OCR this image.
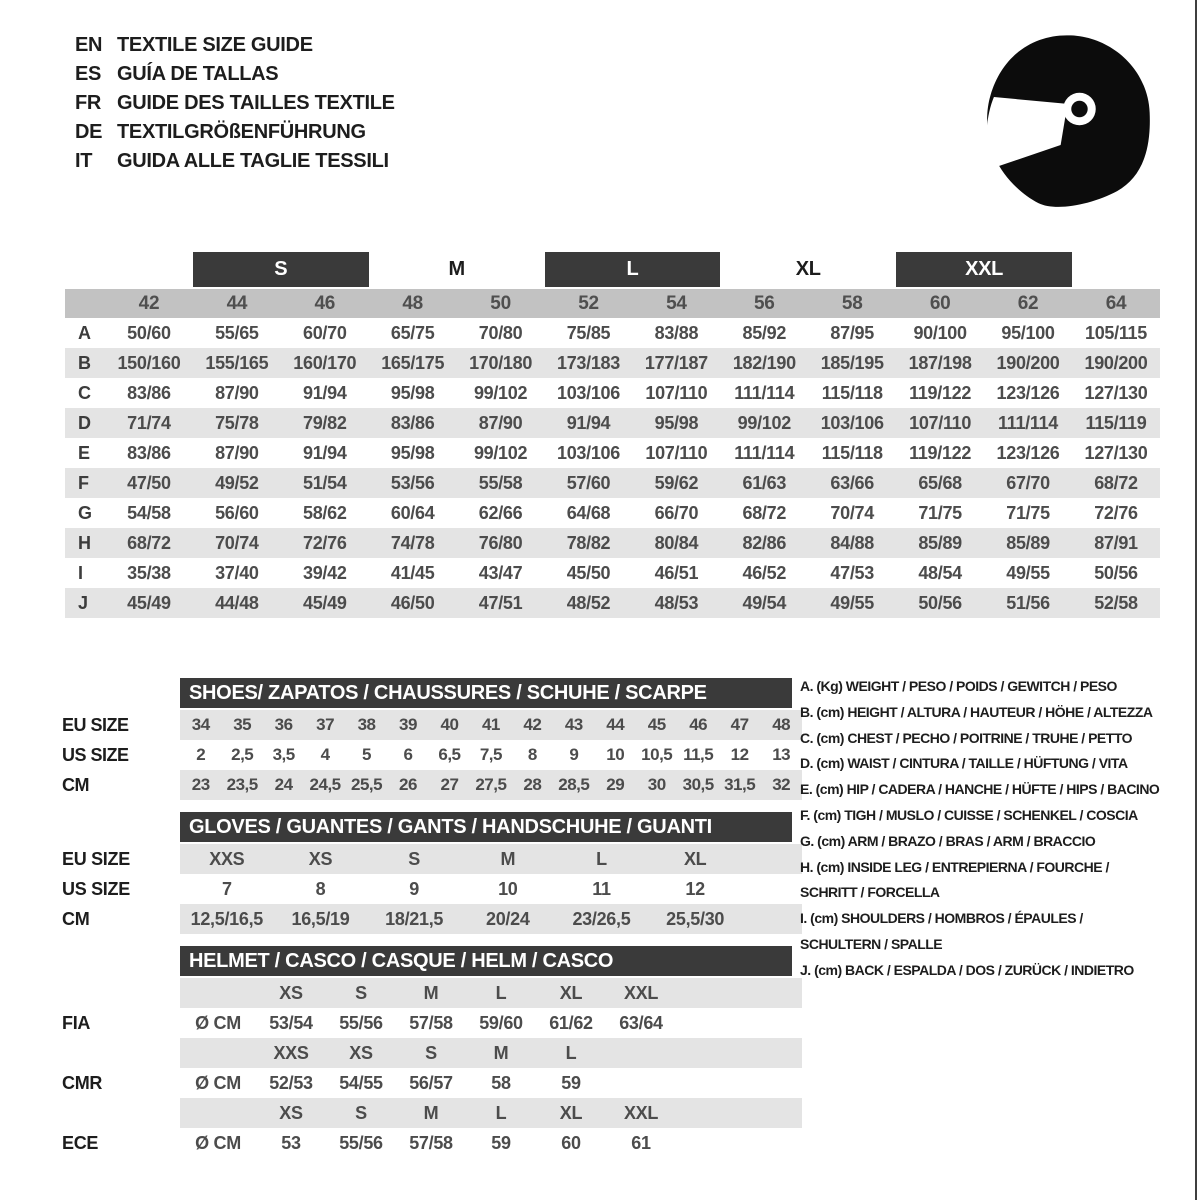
EN TEXTILE SIZE GUIDE
ES GUÍA DE TALLAS
FR GUIDE DES TAILLES TEXTILE
DE TEXTILGRÖßENFÜHRUNG
IT	GUIDA ALLE TAGLIE TESSILI
		S		M		L		XL		XXL		
	42	44	46	48	50	52	54	56	58	60	62	64
A	50/60	55/65	60/70	65/75	70/80	75/85	83/88	85/92	87/95	90/100	95/100	105/115
B	150/160	155/165	160/170	165/175	170/180	173/183	177/187	182/190	185/195	187/198	190/200	190/200
C	83/86	87/90	91/94	95/98	99/102	103/106	107/110	111/114	115/118	119/122	123/126	127/130
D	71/74	75/78	79/82	83/86	87/90	91/94	95/98	99/102	103/106	107/110	111/114	115/119
E	83/86	87/90	91/94	95/98	99/102	103/106	107/110	111/114	115/118	119/122	123/126	127/130
F	47/50	49/52	51/54	53/56	55/58	57/60	59/62	61/63	63/66	65/68	67/70	68/72
G	54/58	56/60	58/62	60/64	62/66	64/68	66/70	68/72	70/74	71/75	71/75	72/76
H	68/72	70/74	72/76	74/78	76/80	78/82	80/84	82/86	84/88	85/89	85/89	87/91
I	35/38	37/40	39/42	41/45	43/47	45/50	46/51	46/52	47/53	48/54	49/55	50/56
J	45/49	44/48	45/49	46/50	47/51	48/52	48/53	49/54	49/55	50/56	51/56	52/58
SHOES/ ZAPATOS / CHAUSSURES / SCHUHE / SCARPE
EU SIZE	34	35	36	37	38	39	40	41	42	43	44	45	46	47	48
US SIZE	2	2,5	3,5	4	5	6	6,5	7,5	8	9	10	10,5	11,5	12	13
CM	23	23,5	24	24,5	25,5	26	27	27,5	28	28,5	29	30	30,5	31,5	32
GLOVES / GUANTES / GANTS / HANDSCHUHE / GUANTI
EU SIZE	XXS	XS	S	M	L	XL	
US SIZE	7	8	9	10	11	12	
CM	12,5/16,5	16,5/19	18/21,5	20/24	23/26,5	25,5/30	
HELMET / CASCO / CASQUE / HELM / CASCO
		XS	S	M	L	XL	XXL	
FIA	Ø CM	53/54	55/56	57/58	59/60	61/62	63/64	
		XXS	XS	S	M	L		
CMR	Ø CM	52/53	54/55	56/57	58	59		
		XS	S	M	L	XL	XXL	
ECE	Ø CM	53	55/56	57/58	59	60	61	
A. (Kg) WEIGHT / PESO / POIDS / GEWITCH / PESO
B. (cm) HEIGHT / ALTURA / HAUTEUR / HÖHE / ALTEZZA
C. (cm) CHEST / PECHO / POITRINE / TRUHE / PETTO
D. (cm) WAIST / CINTURA / TAILLE / HÜFTUNG / VITA
E. (cm) HIP / CADERA / HANCHE / HÜFTE / HIPS / BACINO
F. (cm) TIGH / MUSLO / CUISSE / SCHENKEL / COSCIA
G. (cm) ARM / BRAZO / BRAS / ARM / BRACCIO
H. (cm) INSIDE LEG / ENTREPIERNA / FOURCHE /
SCHRITT / FORCELLA
I. (cm) SHOULDERS / HOMBROS / ÉPAULES /
SCHULTERN / SPALLE
J. (cm) BACK / ESPALDA / DOS / ZURÜCK / INDIETRO
